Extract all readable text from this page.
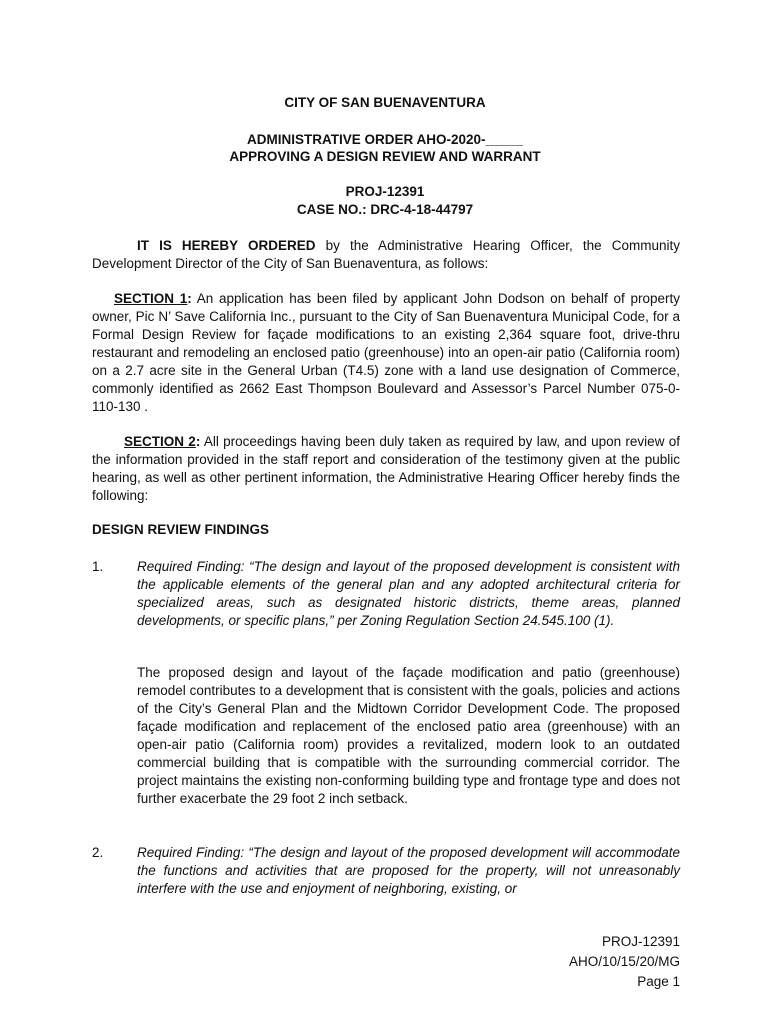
CITY OF SAN BUENAVENTURA
ADMINISTRATIVE ORDER AHO-2020-_____
APPROVING A DESIGN REVIEW AND WARRANT
PROJ-12391
CASE NO.: DRC-4-18-44797
IT IS HEREBY ORDERED by the Administrative Hearing Officer, the Community Development Director of the City of San Buenaventura, as follows:
SECTION 1: An application has been filed by applicant John Dodson on behalf of property owner, Pic N’ Save California Inc., pursuant to the City of San Buenaventura Municipal Code, for a Formal Design Review for façade modifications to an existing 2,364 square foot, drive-thru restaurant and remodeling an enclosed patio (greenhouse) into an open-air patio (California room) on a 2.7 acre site in the General Urban (T4.5) zone with a land use designation of Commerce, commonly identified as 2662 East Thompson Boulevard and Assessor’s Parcel Number 075-0-110-130 .
SECTION 2: All proceedings having been duly taken as required by law, and upon review of the information provided in the staff report and consideration of the testimony given at the public hearing, as well as other pertinent information, the Administrative Hearing Officer hereby finds the following:
DESIGN REVIEW FINDINGS
1. Required Finding: “The design and layout of the proposed development is consistent with the applicable elements of the general plan and any adopted architectural criteria for specialized areas, such as designated historic districts, theme areas, planned developments, or specific plans,” per Zoning Regulation Section 24.545.100 (1).
The proposed design and layout of the façade modification and patio (greenhouse) remodel contributes to a development that is consistent with the goals, policies and actions of the City’s General Plan and the Midtown Corridor Development Code. The proposed façade modification and replacement of the enclosed patio area (greenhouse) with an open-air patio (California room) provides a revitalized, modern look to an outdated commercial building that is compatible with the surrounding commercial corridor. The project maintains the existing non-conforming building type and frontage type and does not further exacerbate the 29 foot 2 inch setback.
2. Required Finding: “The design and layout of the proposed development will accommodate the functions and activities that are proposed for the property, will not unreasonably interfere with the use and enjoyment of neighboring, existing, or
PROJ-12391
AHO/10/15/20/MG
Page 1
